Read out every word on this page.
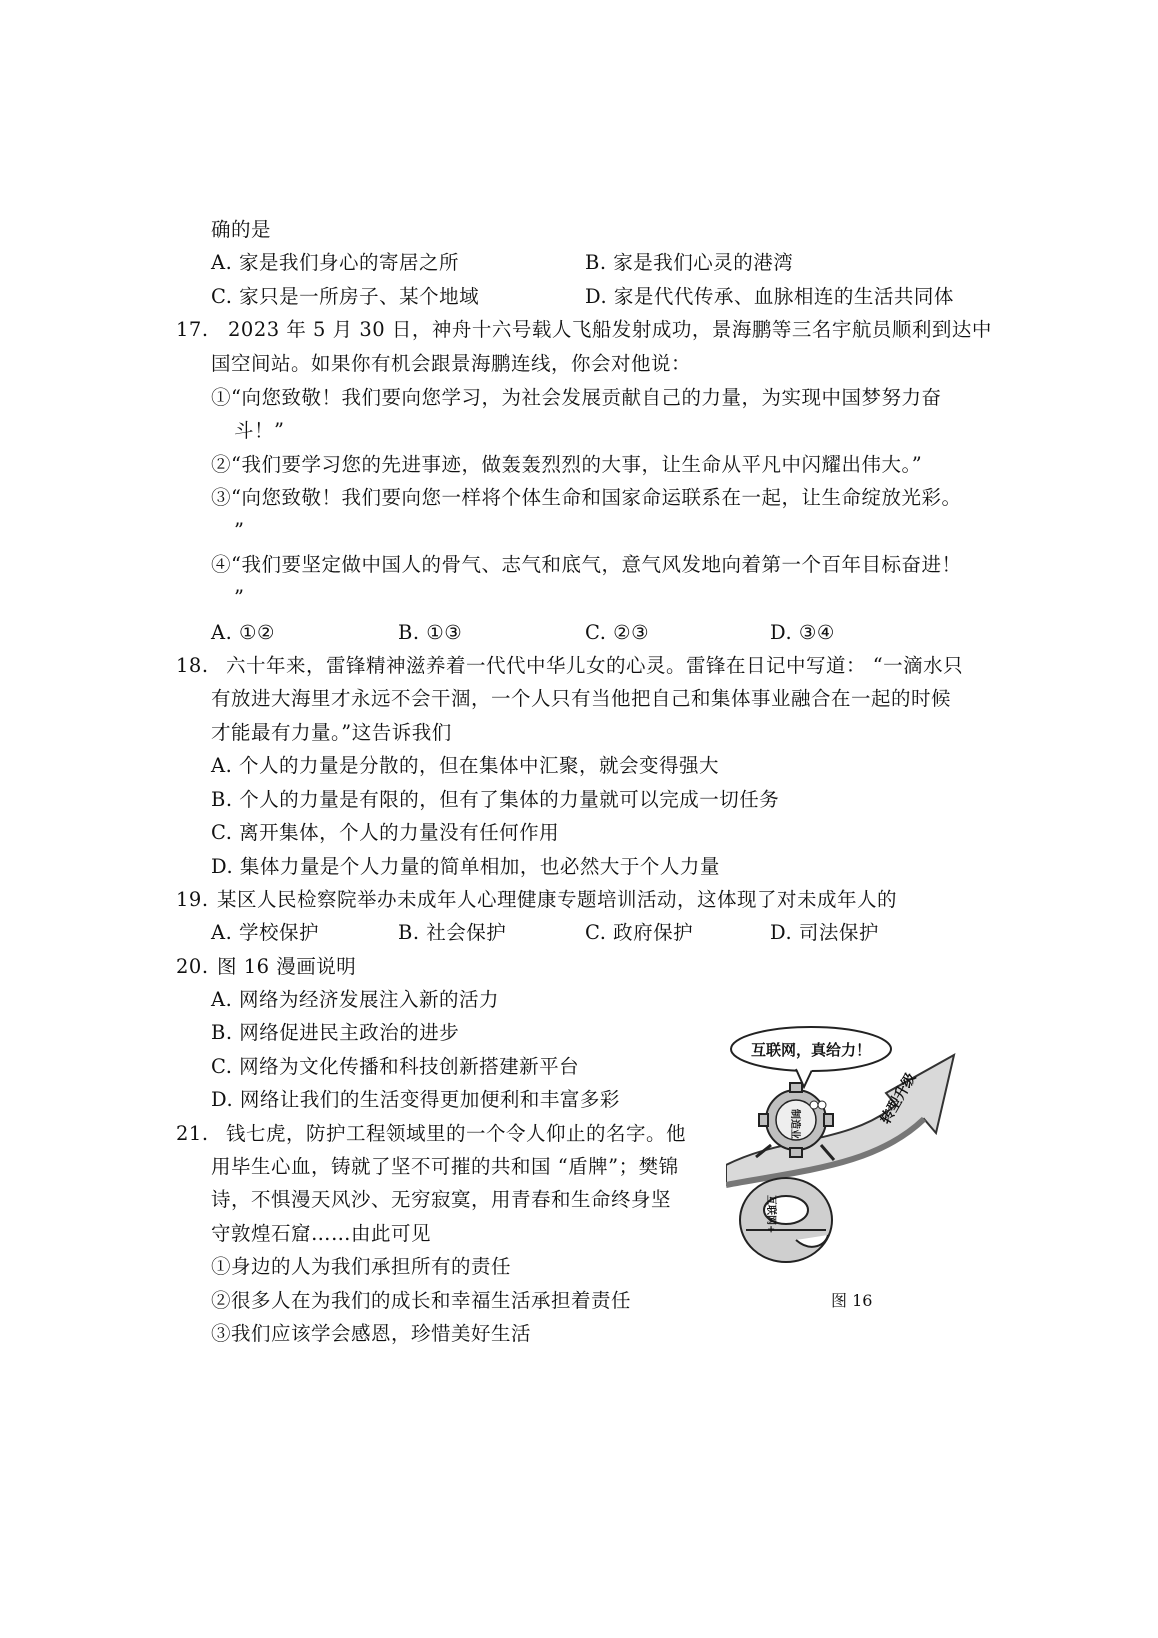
确的是
A. 家是我们身心的寄居之所	B. 家是我们心灵的港湾
C. 家只是一所房子、某个地域	D. 家是代代传承、血脉相连的生活共同体
17. 2023 年 5 月 30 日，神舟十六号载人飞船发射成功，景海鹏等三名宇航员顺利到达中
国空间站。如果你有机会跟景海鹏连线，你会对他说：
①“向您致敬！我们要向您学习，为社会发展贡献自己的力量，为实现中国梦努力奋
斗！”
②“我们要学习您的先进事迹，做轰轰烈烈的大事，让生命从平凡中闪耀出伟大。”
③“向您致敬！我们要向您一样将个体生命和国家命运联系在一起，让生命绽放光彩。
”
④“我们要坚定做中国人的骨气、志气和底气，意气风发地向着第一个百年目标奋进！
”
A. ①②	B. ①③	C. ②③	D. ③④
18. 六十年来，雷锋精神滋养着一代代中华儿女的心灵。雷锋在日记中写道： “一滴水只
有放进大海里才永远不会干涸，一个人只有当他把自己和集体事业融合在一起的时候
才能最有力量。”这告诉我们
A. 个人的力量是分散的，但在集体中汇聚，就会变得强大
B. 个人的力量是有限的，但有了集体的力量就可以完成一切任务
C. 离开集体，个人的力量没有任何作用
D. 集体力量是个人力量的简单相加，也必然大于个人力量
19. 某区人民检察院举办未成年人心理健康专题培训活动，这体现了对未成年人的
A. 学校保护	B. 社会保护	C. 政府保护	D. 司法保护
20. 图 16 漫画说明
A. 网络为经济发展注入新的活力
B. 网络促进民主政治的进步
C. 网络为文化传播和科技创新搭建新平台
D. 网络让我们的生活变得更加便利和丰富多彩
21. 钱七虎，防护工程领域里的一个令人仰止的名字。他
用毕生心血，铸就了坚不可摧的共和国 “盾牌”；樊锦
诗，不惧漫天风沙、无穷寂寞，用青春和生命终身坚
守敦煌石窟……由此可见
①身边的人为我们承担所有的责任
②很多人在为我们的成长和幸福生活承担着责任
③我们应该学会感恩，珍惜美好生活
互联网，真给力！
转型升级
制造业
互联网+
图 16
